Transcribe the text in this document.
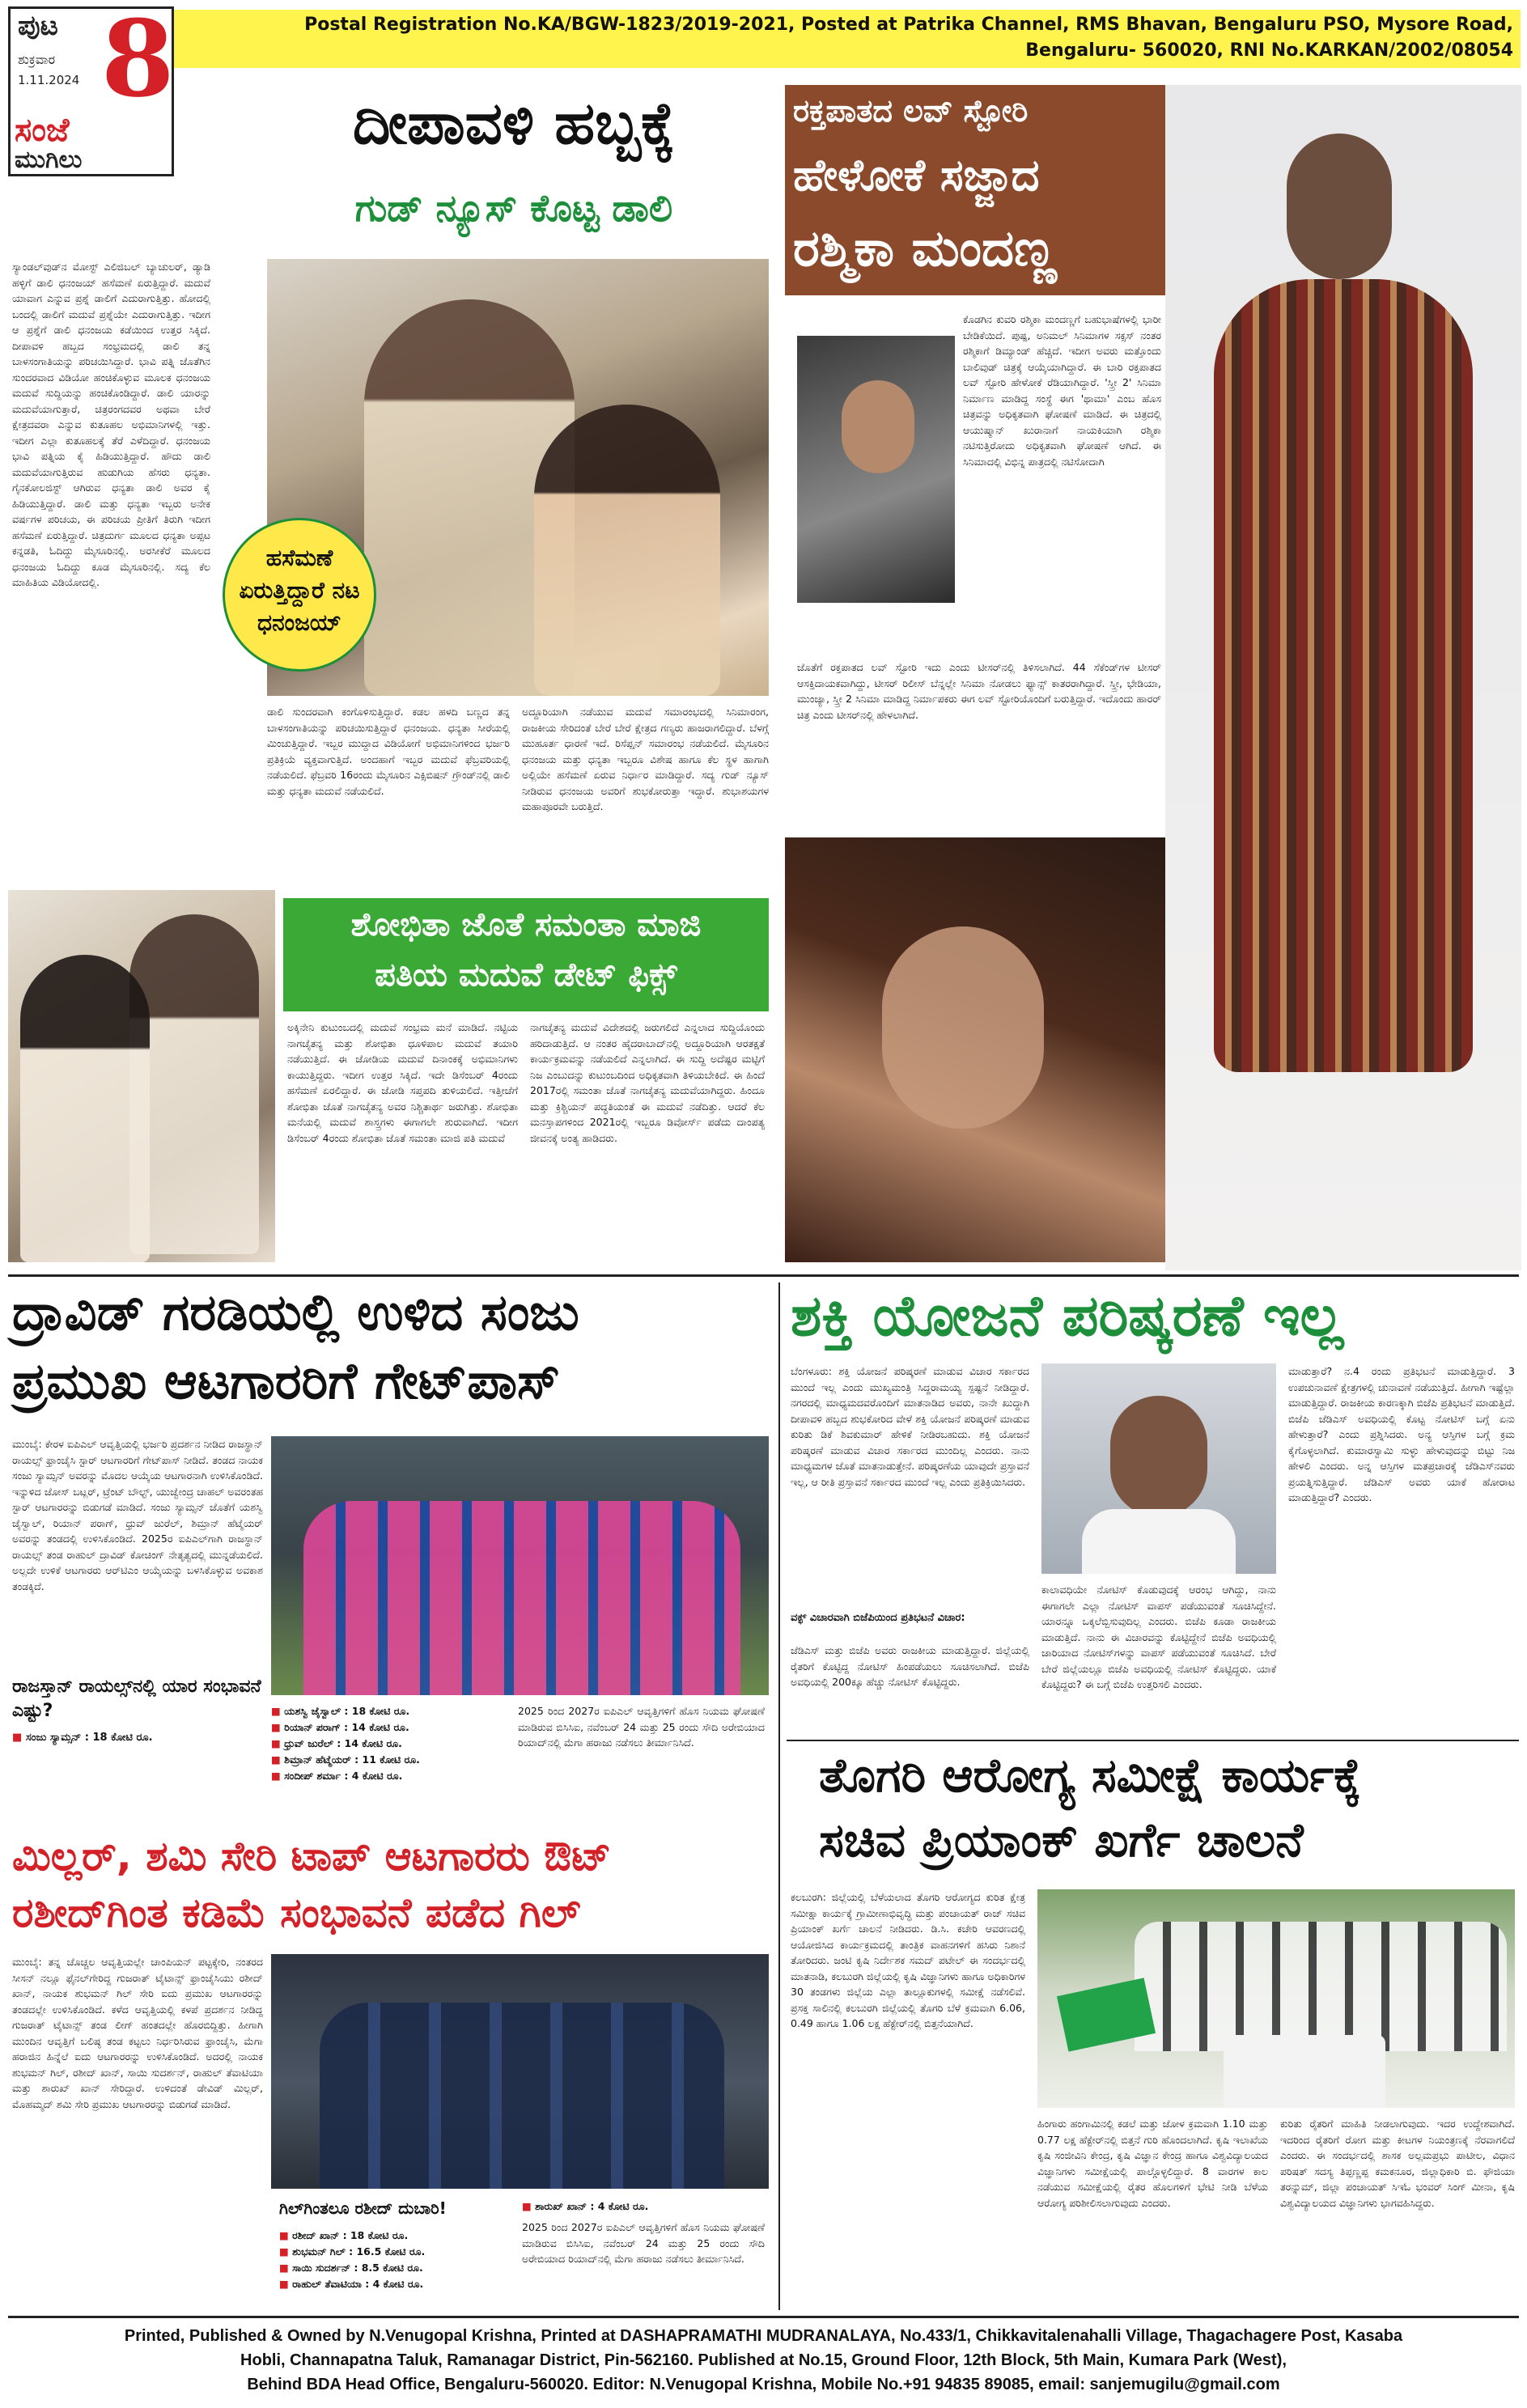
ಪುಟ
ಶುಕ್ರವಾರ
1.11.2024 8
ಸಂಜೆ
ಮುಗಿಲು
Postal Registration No.KA/BGW-1823/2019-2021, Posted at Patrika Channel, RMS Bhavan, Bengaluru PSO, Mysore Road,
Bengaluru- 560020, RNI No.KARKAN/2002/08054
ದೀಪಾವಳಿ ಹಬ್ಬಕ್ಕೆ
ಗುಡ್ ನ್ಯೂಸ್ ಕೊಟ್ಟ ಡಾಲಿ
ಹಸೆಮಣೆ ಏರುತ್ತಿದ್ದಾರೆ ನಟ ಧನಂಜಯ್
ಸ್ಯಾಂಡಲ್‌ವುಡ್‌ನ ಮೋಸ್ಟ್ ಎಲಿಜಿಬಲ್ ಬ್ಯಾಚುಲರ್, ಡ್ಯಾಡಿ ಹಳ್ಳಿಗೆ ಡಾಲಿ ಧನಂಜಯ್ ಹಸೆಮಣೆ ಏರುತ್ತಿದ್ದಾರೆ. ಮದುವೆ ಯಾವಾಗ ಎನ್ನುವ ಪ್ರಶ್ನೆ ಡಾಲಿಗೆ ಎದುರಾಗುತ್ತಿತ್ತು. ಹೋದಲ್ಲಿ ಬಂದಲ್ಲಿ ಡಾಲಿಗೆ ಮದುವೆ ಪ್ರಶ್ನೆಯೇ ಎದುರಾಗುತ್ತಿತ್ತು. ಇದೀಗ ಆ ಪ್ರಶ್ನೆಗೆ ಡಾಲಿ ಧನಂಜಯ ಕಡೆಯಿಂದ ಉತ್ತರ ಸಿಕ್ಕಿದೆ. ದೀಪಾವಳಿ ಹಬ್ಬದ ಸಂಭ್ರಮದಲ್ಲಿ ಡಾಲಿ ತನ್ನ ಬಾಳಸಂಗಾತಿಯನ್ನು ಪರಿಚಯಿಸಿದ್ದಾರೆ. ಭಾವಿ ಪತ್ನಿ ಜೊತೆಗಿನ ಸುಂದರವಾದ ವಿಡಿಯೋ ಹಂಚಿಕೊಳ್ಳುವ ಮೂಲಕ ಧನಂಜಯ ಮದುವೆ ಸುದ್ದಿಯನ್ನು ಹಂಚಿಕೊಂಡಿದ್ದಾರೆ. ಡಾಲಿ ಯಾರನ್ನು ಮದುವೆಯಾಗುತ್ತಾರೆ, ಚಿತ್ರರಂಗದವರ ಅಥವಾ ಬೇರೆ ಕ್ಷೇತ್ರದವರಾ ಎನ್ನುವ ಕುತೂಹಲ ಅಭಿಮಾನಿಗಳಲ್ಲಿ ಇತ್ತು. ಇದೀಗ ಎಲ್ಲಾ ಕುತೂಹಲಕ್ಕೆ ತೆರೆ ಎಳೆದಿದ್ದಾರೆ. ಧನಂಜಯ ಭಾವಿ ಪತ್ನಿಯ ಕೈ ಹಿಡಿಯುತ್ತಿದ್ದಾರೆ. ಹೌದು ಡಾಲಿ ಮದುವೆಯಾಗುತ್ತಿರುವ ಹುಡುಗಿಯ ಹೆಸರು ಧನ್ಯತಾ. ಗೈನಕೋಲಜಿಸ್ಟ್ ಆಗಿರುವ ಧನ್ಯತಾ ಡಾಲಿ ಅವರ ಕೈ ಹಿಡಿಯುತ್ತಿದ್ದಾರೆ. ಡಾಲಿ ಮತ್ತು ಧನ್ಯತಾ ಇಬ್ಬರು ಅನೇಕ ವರ್ಷಗಳ ಪರಿಚಯ, ಈ ಪರಿಚಯ ಪ್ರೀತಿಗೆ ತಿರುಗಿ ಇದೀಗ ಹಸೆಮಣೆ ಏರುತ್ತಿದ್ದಾರೆ. ಚಿತ್ರದುರ್ಗ ಮೂಲದ ಧನ್ಯತಾ ಅಪ್ಪಟ ಕನ್ನಡತಿ, ಓದಿದ್ದು ಮೈಸೂರಿನಲ್ಲಿ. ಅರಸೀಕೆರೆ ಮೂಲದ ಧನಂಜಯ ಓದಿದ್ದು ಕೂಡ ಮೈಸೂರಿನಲ್ಲಿ. ಸದ್ಯ ಕೆಲ ಮಾಹಿತಿಯ ವಿಡಿಯೋದಲ್ಲಿ.
ಡಾಲಿ ಸುಂದರವಾಗಿ ಕಂಗೊಳಿಸುತ್ತಿದ್ದಾರೆ. ಕಡಲ ಹಳದಿ ಬಣ್ಣದ ತನ್ನ ಬಾಳಸಂಗಾತಿಯನ್ನು ಪರಿಚಯಿಸುತ್ತಿದ್ದಾರೆ ಧನಂಜಯ. ಧನ್ಯತಾ ಸೀರೆಯಲ್ಲಿ ಮಿಂಚುತ್ತಿದ್ದಾರೆ. ಇಬ್ಬರ ಮುದ್ದಾದ ವಿಡಿಯೋಗೆ ಅಭಿಮಾನಿಗಳಿಂದ ಭರ್ಜರಿ ಪ್ರತಿಕ್ರಿಯೆ ವ್ಯಕ್ತವಾಗುತ್ತಿದೆ. ಅಂದಹಾಗೆ ಇಬ್ಬರ ಮದುವೆ ಫೆಬ್ರವರಿಯಲ್ಲಿ ನಡೆಯಲಿದೆ. ಫೆಬ್ರವರಿ 16ರಂದು ಮೈಸೂರಿನ ಎಕ್ಸಿಬಿಷನ್ ಗ್ರೌಂಡ್‌ನಲ್ಲಿ ಡಾಲಿ ಮತ್ತು ಧನ್ಯತಾ ಮದುವೆ ನಡೆಯಲಿದೆ.
ಅದ್ದೂರಿಯಾಗಿ ನಡೆಯುವ ಮದುವೆ ಸಮಾರಂಭದಲ್ಲಿ ಸಿನಿಮಾರಂಗ, ರಾಜಕೀಯ ಸೇರಿದಂತೆ ಬೇರೆ ಬೇರೆ ಕ್ಷೇತ್ರದ ಗಣ್ಯರು ಹಾಜರಾಗಲಿದ್ದಾರೆ. ಬೆಳಗ್ಗೆ ಮುಹೂರ್ತ ಧಾರಣೆ ಇದೆ. ರಿಸೆಪ್ಷನ್ ಸಮಾರಂಭ ನಡೆಯಲಿದೆ. ಮೈಸೂರಿನ ಧನಂಜಯ ಮತ್ತು ಧನ್ಯತಾ ಇಬ್ಬರೂ ವಿಶೇಷ ಹಾಗೂ ಕೆಲ ಸ್ಥಳ ಹಾಗಾಗಿ ಅಲ್ಲಿಯೇ ಹಸೆಮಣೆ ಏರುವ ನಿರ್ಧಾರ ಮಾಡಿದ್ದಾರೆ. ಸದ್ಯ ಗುಡ್ ನ್ಯೂಸ್ ನೀಡಿರುವ ಧನಂಜಯ ಅವರಿಗೆ ಶುಭಕೋರುತ್ತಾ ಇದ್ದಾರೆ. ಶುಭಾಶಯಗಳ ಮಹಾಪೂರವೇ ಬರುತ್ತಿದೆ.
ರಕ್ತಪಾತದ ಲವ್ ಸ್ಟೋರಿ
ಹೇಳೋಕೆ ಸಜ್ಜಾದ
ರಶ್ಮಿಕಾ ಮಂದಣ್ಣ
ಕೊಡಗಿನ ಕುವರಿ ರಶ್ಮಿಕಾ ಮಂದಣ್ಣಗೆ ಬಹುಭಾಷೆಗಳಲ್ಲಿ ಭಾರೀ ಬೇಡಿಕೆಯಿದೆ. ಪುಷ್ಪ, ಅನಿಮಲ್ ಸಿನಿಮಾಗಳ ಸಕ್ಸಸ್ ನಂತರ ರಶ್ಮಿಕಾಗೆ ಡಿಮ್ಯಾಂಡ್ ಹೆಚ್ಚಿದೆ. ಇದೀಗ ಅವರು ಮತ್ತೊಂದು ಬಾಲಿವುಡ್ ಚಿತ್ರಕ್ಕೆ ಆಯ್ಕೆಯಾಗಿದ್ದಾರೆ. ಈ ಬಾರಿ ರಕ್ತಪಾತದ ಲವ್ ಸ್ಟೋರಿ ಹೇಳೋಕೆ ರೆಡಿಯಾಗಿದ್ದಾರೆ. 'ಸ್ತ್ರೀ 2' ಸಿನಿಮಾ ನಿರ್ಮಾಣ ಮಾಡಿದ್ದ ಸಂಸ್ಥೆ ಈಗ 'ಥಾಮಾ' ಎಂಬ ಹೊಸ ಚಿತ್ರವನ್ನು ಅಧಿಕೃತವಾಗಿ ಘೋಷಣೆ ಮಾಡಿದೆ. ಈ ಚಿತ್ರದಲ್ಲಿ ಆಯುಷ್ಮಾನ್ ಖುರಾನಾಗೆ ನಾಯಕಿಯಾಗಿ ರಶ್ಮಿಕಾ ನಟಿಸುತ್ತಿರೋದು ಅಧಿಕೃತವಾಗಿ ಘೋಷಣೆ ಆಗಿದೆ. ಈ ಸಿನಿಮಾದಲ್ಲಿ ವಿಭಿನ್ನ ಪಾತ್ರದಲ್ಲಿ ನಟಿಸೋದಾಗಿ
ಜೊತೆಗೆ ರಕ್ತಪಾತದ ಲವ್ ಸ್ಟೋರಿ ಇದು ಎಂದು ಟೀಸರ್‌ನಲ್ಲಿ ತಿಳಿಸಲಾಗಿದೆ. 44 ಸೆಕೆಂಡ್‌ಗಳ ಟೀಸರ್ ಆಸಕ್ತಿದಾಯಕವಾಗಿದ್ದು, ಟೀಸರ್ ರಿಲೀಸ್ ಬೆನ್ನಲ್ಲೇ ಸಿನಿಮಾ ನೋಡಲು ಫ್ಯಾನ್ಸ್ ಕಾತರರಾಗಿದ್ದಾರೆ. ಸ್ತ್ರೀ, ಭೇಡಿಯಾ, ಮುಂಜ್ಯಾ, ಸ್ತ್ರೀ 2 ಸಿನಿಮಾ ಮಾಡಿದ್ದ ನಿರ್ಮಾಪಕರು ಈಗ ಲವ್ ಸ್ಟೋರಿಯೊಂದಿಗೆ ಬರುತ್ತಿದ್ದಾರೆ. ಇದೊಂದು ಹಾರರ್ ಚಿತ್ರ ಎಂದು ಟೀಸರ್‌ನಲ್ಲಿ ಹೇಳಲಾಗಿದೆ.
ಶೋಭಿತಾ ಜೊತೆ ಸಮಂತಾ ಮಾಜಿ
ಪತಿಯ ಮದುವೆ ಡೇಟ್ ಫಿಕ್ಸ್
ಅಕ್ಕಿನೇನಿ ಕುಟುಂಬದಲ್ಲಿ ಮದುವೆ ಸಂಭ್ರಮ ಮನೆ ಮಾಡಿದೆ. ನಟ್ಟಿಯ ನಾಗಚೈತನ್ಯ ಮತ್ತು ಶೋಭಿತಾ ಧೂಳಿಪಾಲ ಮದುವೆ ತಯಾರಿ ನಡೆಯುತ್ತಿದೆ. ಈ ಜೋಡಿಯ ಮದುವೆ ದಿನಾಂಕಕ್ಕೆ ಅಭಿಮಾನಿಗಳು ಕಾಯುತ್ತಿದ್ದರು. ಇದೀಗ ಉತ್ತರ ಸಿಕ್ಕಿದೆ. ಇದೇ ಡಿಸೆಂಬರ್ 4ರಂದು ಹಸೆಮಣೆ ಏರಲಿದ್ದಾರೆ. ಈ ಜೋಡಿ ಸಪ್ತಪದಿ ತುಳಿಯಲಿದೆ. ಇತ್ತೀಚೆಗೆ ಶೋಭಿತಾ ಜೊತೆ ನಾಗಚೈತನ್ಯ ಅವರ ನಿಶ್ಚಿತಾರ್ಥ ಜರುಗಿತ್ತು. ಶೋಭಿತಾ ಮನೆಯಲ್ಲಿ ಮದುವೆ ಶಾಸ್ತ್ರಗಳು ಈಗಾಗಲೇ ಶುರುವಾಗಿದೆ. ಇದೀಗ ಡಿಸೆಂಬರ್ 4ರಂದು ಶೋಭಿತಾ ಜೊತೆ ಸಮಂತಾ ಮಾಜಿ ಪತಿ ಮದುವೆ
ನಾಗಚೈತನ್ಯ ಮದುವೆ ವಿದೇಶದಲ್ಲಿ ಜರುಗಲಿದೆ ಎನ್ನಲಾದ ಸುದ್ದಿಯೊಂದು ಹರಿದಾಡುತ್ತಿದೆ. ಆ ನಂತರ ಹೈದರಾಬಾದ್‌ನಲ್ಲಿ ಅದ್ದೂರಿಯಾಗಿ ಆರತಕ್ಷತೆ ಕಾರ್ಯಕ್ರಮವನ್ನು ನಡೆಯಲಿದೆ ಎನ್ನಲಾಗಿದೆ. ಈ ಸುದ್ದಿ ಅದೆಷ್ಟರ ಮಟ್ಟಿಗೆ ನಿಜ ಎಂಬುದನ್ನು ಕುಟುಂಬದಿಂದ ಅಧಿಕೃತವಾಗಿ ತಿಳಿಯಬೇಕಿದೆ. ಈ ಹಿಂದೆ 2017ರಲ್ಲಿ ಸಮಂತಾ ಜೊತೆ ನಾಗಚೈತನ್ಯ ಮದುವೆಯಾಗಿದ್ದರು. ಹಿಂದೂ ಮತ್ತು ಕ್ರಿಶ್ಚಿಯನ್ ಪದ್ಧತಿಯಂತೆ ಈ ಮದುವೆ ನಡೆದಿತ್ತು. ಆದರೆ ಕೆಲ ಮನಸ್ತಾಪಗಳಿಂದ 2021ರಲ್ಲಿ ಇಬ್ಬರೂ ಡಿವೋರ್ಸ್ ಪಡೆದು ದಾಂಪತ್ಯ ಜೀವನಕ್ಕೆ ಅಂತ್ಯ ಹಾಡಿದರು.
ದ್ರಾವಿಡ್ ಗರಡಿಯಲ್ಲಿ ಉಳಿದ ಸಂಜು
ಪ್ರಮುಖ ಆಟಗಾರರಿಗೆ ಗೇಟ್‌ಪಾಸ್
ಮುಂಬೈ: ಕೇರಳ ಐಪಿಎಲ್ ಆವೃತ್ತಿಯಲ್ಲಿ ಭರ್ಜರಿ ಪ್ರದರ್ಶನ ನೀಡಿದ ರಾಜಸ್ಥಾನ್ ರಾಯಲ್ಸ್ ಫ್ರಾಂಚೈಸಿ ಸ್ಟಾರ್ ಆಟಗಾರರಿಗೆ ಗೇಟ್‌ಪಾಸ್ ನೀಡಿದೆ. ತಂಡದ ನಾಯಕ ಸಂಜು ಸ್ಯಾಮ್ಸನ್ ಅವರನ್ನು ಮೊದಲ ಆಯ್ಕೆಯ ಆಟಗಾರನಾಗಿ ಉಳಿಸಿಕೊಂಡಿದೆ. ಇನ್ನುಳಿದ ಜೋಸ್ ಬಟ್ಲರ್, ಟ್ರೆಂಟ್ ಬೌಲ್ಟ್, ಯುಜ್ವೇಂದ್ರ ಚಾಹಲ್ ಅವರಂತಹ ಸ್ಟಾರ್ ಆಟಗಾರರನ್ನು ಬಿಡುಗಡೆ ಮಾಡಿದೆ. ಸಂಜು ಸ್ಯಾಮ್ಸನ್ ಜೊತೆಗೆ ಯಶಸ್ವಿ ಜೈಸ್ವಾಲ್, ರಿಯಾನ್ ಪರಾಗ್, ಧ್ರುವ್ ಜುರೆಲ್, ಶಿಮ್ರಾನ್ ಹೆಟ್ಮೆಯರ್ ಅವರನ್ನು ತಂಡದಲ್ಲಿ ಉಳಿಸಿಕೊಂಡಿದೆ. 2025ರ ಐಪಿಎಲ್‌ಗಾಗಿ ರಾಜಸ್ಥಾನ್ ರಾಯಲ್ಸ್ ತಂಡ ರಾಹುಲ್ ದ್ರಾವಿಡ್ ಕೋಚಿಂಗ್ ನೇತೃತ್ವದಲ್ಲಿ ಮುನ್ನಡೆಯಲಿದೆ. ಅಲ್ಲದೇ ಉಳಿಕೆ ಆಟಗಾರರು ಆರ್‌ಟಿಎಂ ಆಯ್ಕೆಯನ್ನು ಬಳಸಿಕೊಳ್ಳುವ ಅವಕಾಶ ತಂಡಕ್ಕಿದೆ.
ರಾಜಸ್ತಾನ್ ರಾಯಲ್ಸ್‌ನಲ್ಲಿ ಯಾರ ಸಂಭಾವನೆ ಎಷ್ಟು?
■ ಸಂಜು ಸ್ಯಾಮ್ಸನ್ : 18 ಕೋಟಿ ರೂ.
■ ಯಶಸ್ವಿ ಜೈಸ್ವಾಲ್ : 18 ಕೋಟಿ ರೂ.
■ ರಿಯಾನ್ ಪರಾಗ್ : 14 ಕೋಟಿ ರೂ.
■ ಧ್ರುವ್ ಜುರೆಲ್ : 14 ಕೋಟಿ ರೂ.
■ ಶಿಮ್ರಾನ್ ಹೆಟ್ಮೆಯರ್ : 11 ಕೋಟಿ ರೂ.
■ ಸಂದೀಪ್ ಶರ್ಮಾ : 4 ಕೋಟಿ ರೂ.
2025 ರಿಂದ 2027ರ ಐಪಿಎಲ್ ಆವೃತ್ತಿಗಳಿಗೆ ಹೊಸ ನಿಯಮ ಘೋಷಣೆ ಮಾಡಿರುವ ಬಿಸಿಸಿಐ, ನವೆಂಬರ್ 24 ಮತ್ತು 25 ರಂದು ಸೌದಿ ಅರೇಬಿಯಾದ ರಿಯಾದ್‌ನಲ್ಲಿ ಮೆಗಾ ಹರಾಜು ನಡೆಸಲು ತೀರ್ಮಾನಿಸಿದೆ.
ಮಿಲ್ಲರ್, ಶಮಿ ಸೇರಿ ಟಾಪ್ ಆಟಗಾರರು ಔಟ್
ರಶೀದ್‌ಗಿಂತ ಕಡಿಮೆ ಸಂಭಾವನೆ ಪಡೆದ ಗಿಲ್
ಮುಂಬೈ: ತನ್ನ ಚೊಚ್ಚಲ ಆವೃತ್ತಿಯಲ್ಲೇ ಚಾಂಪಿಯನ್ ಪಟ್ಟಕ್ಕೇರಿ, ನಂತರದ ಸೀಸನ್ ನಲ್ಲೂ ಫೈನಲ್‌ಗೇರಿದ್ದ ಗುಜರಾತ್ ಟೈಟಾನ್ಸ್ ಫ್ರಾಂಚೈಸಿಯು ರಶೀದ್ ಖಾನ್, ನಾಯಕ ಶುಭಮನ್ ಗಿಲ್ ಸೇರಿ ಐದು ಪ್ರಮುಖ ಆಟಗಾರರನ್ನು ತಂಡದಲ್ಲೇ ಉಳಿಸಿಕೊಂಡಿದೆ. ಕಳೆದ ಆವೃತ್ತಿಯಲ್ಲಿ ಕಳಪೆ ಪ್ರದರ್ಶನ ನೀಡಿದ್ದ ಗುಜರಾತ್ ಟೈಟಾನ್ಸ್ ತಂಡ ಲೀಗ್ ಹಂತದಲ್ಲೇ ಹೊರಬಿದ್ದಿತ್ತು. ಹೀಗಾಗಿ ಮುಂದಿನ ಆವೃತ್ತಿಗೆ ಬಲಿಷ್ಠ ತಂಡ ಕಟ್ಟಲು ನಿರ್ಧರಿಸಿರುವ ಫ್ರಾಂಚೈಸಿ, ಮೆಗಾ ಹರಾಜಿನ ಹಿನ್ನೆಲೆ ಐದು ಆಟಗಾರರನ್ನು ಉಳಿಸಿಕೊಂಡಿದೆ. ಅದರಲ್ಲಿ ನಾಯಕ ಶುಭಮನ್ ಗಿಲ್, ರಶೀದ್ ಖಾನ್, ಸಾಯಿ ಸುದರ್ಶನ್, ರಾಹುಲ್ ತೆವಾಟಿಯಾ ಮತ್ತು ಶಾರುಖ್ ಖಾನ್ ಸೇರಿದ್ದಾರೆ. ಉಳಿದಂತೆ ಡೇವಿಡ್ ಮಿಲ್ಲರ್, ಮೊಹಮ್ಮದ್ ಶಮಿ ಸೇರಿ ಪ್ರಮುಖ ಆಟಗಾರರನ್ನು ಬಿಡುಗಡೆ ಮಾಡಿದೆ.
ಗಿಲ್‌ಗಿಂತಲೂ ರಶೀದ್ ದುಬಾರಿ!
■ ರಶೀದ್ ಖಾನ್ : 18 ಕೋಟಿ ರೂ.
■ ಶುಭಮನ್ ಗಿಲ್ : 16.5 ಕೋಟಿ ರೂ.
■ ಸಾಯಿ ಸುದರ್ಶನ್ : 8.5 ಕೋಟಿ ರೂ.
■ ರಾಹುಲ್ ತೆವಾಟಿಯಾ : 4 ಕೋಟಿ ರೂ.
■ ಶಾರುಖ್ ಖಾನ್ : 4 ಕೋಟಿ ರೂ.
2025 ರಿಂದ 2027ರ ಐಪಿಎಲ್ ಆವೃತ್ತಿಗಳಿಗೆ ಹೊಸ ನಿಯಮ ಘೋಷಣೆ ಮಾಡಿರುವ ಬಿಸಿಸಿಐ, ನವೆಂಬರ್ 24 ಮತ್ತು 25 ರಂದು ಸೌದಿ ಅರೇಬಿಯಾದ ರಿಯಾದ್‌ನಲ್ಲಿ ಮೆಗಾ ಹರಾಜು ನಡೆಸಲು ತೀರ್ಮಾನಿಸಿದೆ.
ಶಕ್ತಿ ಯೋಜನೆ ಪರಿಷ್ಕರಣೆ ಇಲ್ಲ
ಬೆಂಗಳೂರು: ಶಕ್ತಿ ಯೋಜನೆ ಪರಿಷ್ಕರಣೆ ಮಾಡುವ ವಿಚಾರ ಸರ್ಕಾರದ ಮುಂದೆ ಇಲ್ಲ ಎಂದು ಮುಖ್ಯಮಂತ್ರಿ ಸಿದ್ದರಾಮಯ್ಯ ಸ್ಪಷ್ಟನೆ ನೀಡಿದ್ದಾರೆ. ನಗರದಲ್ಲಿ ಮಾಧ್ಯಮದವರೊಂದಿಗೆ ಮಾತನಾಡಿದ ಅವರು, ನಾನೇ ಖುದ್ದಾಗಿ ದೀಪಾವಳಿ ಹಬ್ಬದ ಶುಭಕೋರಿದ ವೇಳೆ ಶಕ್ತಿ ಯೋಜನೆ ಪರಿಷ್ಕರಣೆ ಮಾಡುವ ಕುರಿತು ಡಿಕೆ ಶಿವಕುಮಾರ್ ಹೇಳಿಕೆ ನೀಡಿರಬಹುದು. ಶಕ್ತಿ ಯೋಜನೆ ಪರಿಷ್ಕರಣೆ ಮಾಡುವ ವಿಚಾರ ಸರ್ಕಾರದ ಮುಂದಿಲ್ಲ ಎಂದರು. ನಾನು ಮಾಧ್ಯಮಗಳ ಜೊತೆ ಮಾತನಾಡುತ್ತೇನೆ. ಪರಿಷ್ಕರಣೆಯ ಯಾವುದೇ ಪ್ರಸ್ತಾವನೆ ಇಲ್ಲ, ಆ ರೀತಿ ಪ್ರಸ್ತಾವನೆ ಸರ್ಕಾರದ ಮುಂದೆ ಇಲ್ಲ ಎಂದು ಪ್ರತಿಕ್ರಿಯಿಸಿದರು.
ವಕ್ಫ್ ವಿಚಾರವಾಗಿ ಬಿಜೆಪಿಯಿಂದ ಪ್ರತಿಭಟನೆ ವಿಚಾರ:
ಜೆಡಿಎಸ್ ಮತ್ತು ಬಿಜೆಪಿ ಅವರು ರಾಜಕೀಯ ಮಾಡುತ್ತಿದ್ದಾರೆ. ಜಿಲ್ಲೆಯಲ್ಲಿ ರೈತರಿಗೆ ಕೊಟ್ಟಿದ್ದ ನೋಟಿಸ್ ಹಿಂಪಡೆಯಲು ಸೂಚಿಸಲಾಗಿದೆ. ಬಿಜೆಪಿ ಅವಧಿಯಲ್ಲಿ 200ಕ್ಕೂ ಹೆಚ್ಚು ನೋಟಿಸ್ ಕೊಟ್ಟಿದ್ದರು.
ಕಾಲಾವಧಿಯೇ ನೋಟಿಸ್ ಕೊಡುವುದಕ್ಕೆ ಆರಂಭ ಆಗಿದ್ದು, ನಾನು ಈಗಾಗಲೇ ಎಲ್ಲಾ ನೋಟಿಸ್ ವಾಪಸ್ ಪಡೆಯುವಂತೆ ಸೂಚಿಸಿದ್ದೇನೆ. ಯಾರನ್ನೂ ಒಕ್ಕಲೆಬ್ಬಿಸುವುದಿಲ್ಲ ಎಂದರು. ಬಿಜೆಪಿ ಕೂಡಾ ರಾಜಕೀಯ ಮಾಡುತ್ತಿದೆ. ನಾನು ಈ ವಿಚಾರವನ್ನು ಕೊಟ್ಟಿದ್ದೇನೆ ಬಿಜೆಪಿ ಅವಧಿಯಲ್ಲಿ ಜಾರಿಯಾದ ನೋಟಿಸ್‌ಗಳನ್ನು ವಾಪಸ್ ಪಡೆಯುವಂತೆ ಸೂಚಿಸಿದೆ. ಬೇರೆ ಬೇರೆ ಜಿಲ್ಲೆಯಲ್ಲೂ ಬಿಜೆಪಿ ಅವಧಿಯಲ್ಲಿ ನೋಟಿಸ್ ಕೊಟ್ಟಿದ್ದರು. ಯಾಕೆ ಕೊಟ್ಟಿದ್ದರು? ಈ ಬಗ್ಗೆ ಬಿಜೆಪಿ ಉತ್ತರಿಸಲಿ ಎಂದರು.
ಮಾಡುತ್ತಾರೆ? ನ.4 ರಂದು ಪ್ರತಿಭಟನೆ ಮಾಡುತ್ತಿದ್ದಾರೆ. 3 ಉಪಚುನಾವಣೆ ಕ್ಷೇತ್ರಗಳಲ್ಲಿ ಚುನಾವಣೆ ನಡೆಯುತ್ತಿದೆ. ಹೀಗಾಗಿ ಇಷ್ಟೆಲ್ಲಾ ಮಾಡುತ್ತಿದ್ದಾರೆ. ರಾಜಕೀಯ ಕಾರಣಕ್ಕಾಗಿ ಬಿಜೆಪಿ ಪ್ರತಿಭಟನೆ ಮಾಡುತ್ತಿದೆ. ಬಿಜೆಪಿ ಜೆಡಿಎಸ್ ಅವಧಿಯಲ್ಲಿ ಕೊಟ್ಟ ನೋಟಿಸ್ ಬಗ್ಗೆ ಏನು ಹೇಳುತ್ತಾರೆ? ಎಂದು ಪ್ರಶ್ನಿಸಿದರು. ಅನ್ಯ ಆಸ್ತಿಗಳ ಬಗ್ಗೆ ಕ್ರಮ ಕೈಗೊಳ್ಳಲಾಗಿದೆ. ಕುಮಾರಸ್ವಾಮಿ ಸುಳ್ಳು ಹೇಳುವುದನ್ನು ಬಿಟ್ಟು ನಿಜ ಹೇಳಲಿ ಎಂದರು. ಅನ್ನ ಆಸ್ತಿಗಳ ಮತಪ್ರಚಾರಕ್ಕೆ ಜೆಡಿಎಸ್‌ನವರು ಪ್ರಯತ್ನಿಸುತ್ತಿದ್ದಾರೆ. ಜೆಡಿಎಸ್ ಅವರು ಯಾಕೆ ಹೋರಾಟ ಮಾಡುತ್ತಿದ್ದಾರೆ? ಎಂದರು.
ತೊಗರಿ ಆರೋಗ್ಯ ಸಮೀಕ್ಷೆ ಕಾರ್ಯಕ್ಕೆ
ಸಚಿವ ಪ್ರಿಯಾಂಕ್ ಖರ್ಗೆ ಚಾಲನೆ
ಕಲಬುರಗಿ: ಜಿಲ್ಲೆಯಲ್ಲಿ ಬೆಳೆಯಲಾದ ತೊಗರಿ ಆರೋಗ್ಯದ ಕುರಿತ ಕ್ಷೇತ್ರ ಸಮೀಕ್ಷಾ ಕಾರ್ಯಕ್ಕೆ ಗ್ರಾಮೀಣಾಭಿವೃದ್ಧಿ ಮತ್ತು ಪಂಚಾಯತ್ ರಾಜ್ ಸಚಿವ ಪ್ರಿಯಾಂಕ್ ಖರ್ಗೆ ಚಾಲನೆ ನೀಡಿದರು. ಡಿ.ಸಿ. ಕಚೇರಿ ಆವರಣದಲ್ಲಿ ಆಯೋಜಿಸಿದ ಕಾರ್ಯಕ್ರಮದಲ್ಲಿ ತಾಂತ್ರಿಕ ವಾಹನಗಳಿಗೆ ಹಸಿರು ನಿಶಾನೆ ತೋರಿದರು. ಜಂಟಿ ಕೃಷಿ ನಿರ್ದೇಶಕ ಸಮದ್ ಪಟೇಲ್ ಈ ಸಂದರ್ಭದಲ್ಲಿ ಮಾತನಾಡಿ, ಕಲಬುರಗಿ ಜಿಲ್ಲೆಯಲ್ಲಿ ಕೃಷಿ ವಿಜ್ಞಾನಿಗಳು ಹಾಗೂ ಅಧಿಕಾರಿಗಳ 30 ತಂಡಗಳು ಜಿಲ್ಲೆಯ ಎಲ್ಲಾ ತಾಲ್ಲೂಕುಗಳಲ್ಲಿ ಸಮೀಕ್ಷೆ ನಡೆಸಲಿವೆ. ಪ್ರಸಕ್ತ ಸಾಲಿನಲ್ಲಿ ಕಲಬುರಗಿ ಜಿಲ್ಲೆಯಲ್ಲಿ ತೊಗರಿ ಬೆಳೆ ಕ್ರಮವಾಗಿ 6.06, 0.49 ಹಾಗೂ 1.06 ಲಕ್ಷ ಹೆಕ್ಟೇರ್‌ನಲ್ಲಿ ಬಿತ್ತನೆಯಾಗಿದೆ.
ಹಿಂಗಾರು ಹಂಗಾಮಿನಲ್ಲಿ ಕಡಲೆ ಮತ್ತು ಜೋಳ ಕ್ರಮವಾಗಿ 1.10 ಮತ್ತು 0.77 ಲಕ್ಷ ಹೆಕ್ಟೇರ್‌ನಲ್ಲಿ ಬಿತ್ತನೆ ಗುರಿ ಹೊಂದಲಾಗಿದೆ. ಕೃಷಿ ಇಲಾಖೆಯ ಕೃಷಿ ಸಂಜೀವಿನಿ ಕೇಂದ್ರ, ಕೃಷಿ ವಿಜ್ಞಾನ ಕೇಂದ್ರ ಹಾಗೂ ವಿಶ್ವವಿದ್ಯಾಲಯದ ವಿಜ್ಞಾನಿಗಳು ಸಮೀಕ್ಷೆಯಲ್ಲಿ ಪಾಲ್ಗೊಳ್ಳಲಿದ್ದಾರೆ. 8 ವಾರಗಳ ಕಾಲ ನಡೆಯುವ ಸಮೀಕ್ಷೆಯಲ್ಲಿ ರೈತರ ಹೊಲಗಳಿಗೆ ಭೇಟಿ ನೀಡಿ ಬೆಳೆಯ ಆರೋಗ್ಯ ಪರಿಶೀಲಿಸಲಾಗುವುದು ಎಂದರು.
ಕುರಿತು ರೈತರಿಗೆ ಮಾಹಿತಿ ನೀಡಲಾಗುವುದು. ಇದರ ಉದ್ದೇಶವಾಗಿದೆ. ಇದರಿಂದ ರೈತರಿಗೆ ರೋಗ ಮತ್ತು ಕೀಟಗಳ ನಿಯಂತ್ರಣಕ್ಕೆ ನೆರವಾಗಲಿದೆ ಎಂದರು. ಈ ಸಂದರ್ಭದಲ್ಲಿ ಶಾಸಕ ಅಲ್ಲಮಪ್ರಭು ಪಾಟೀಲ, ವಿಧಾನ ಪರಿಷತ್ ಸದಸ್ಯ ತಿಪ್ಪಣ್ಣಪ್ಪ ಕಮಕನೂರ, ಜಿಲ್ಲಾಧಿಕಾರಿ ಬಿ. ಫೌಜಿಯಾ ತರನ್ನುಮ್, ಜಿಲ್ಲಾ ಪಂಚಾಯತ್ ಸಿಇಓ ಭಂವರ್ ಸಿಂಗ್ ಮೀನಾ, ಕೃಷಿ ವಿಶ್ವವಿದ್ಯಾಲಯದ ವಿಜ್ಞಾನಿಗಳು ಭಾಗವಹಿಸಿದ್ದರು.
Printed, Published & Owned by N.Venugopal Krishna, Printed at DASHAPRAMATHI MUDRANALAYA, No.433/1, Chikkavitalenahalli Village, Thagachagere Post, Kasaba
Hobli, Channapatna Taluk, Ramanagar District, Pin-562160. Published at No.15, Ground Floor, 12th Block, 5th Main, Kumara Park (West),
Behind BDA Head Office, Bengaluru-560020. Editor: N.Venugopal Krishna, Mobile No.+91 94835 89085, email: sanjemugilu@gmail.com
